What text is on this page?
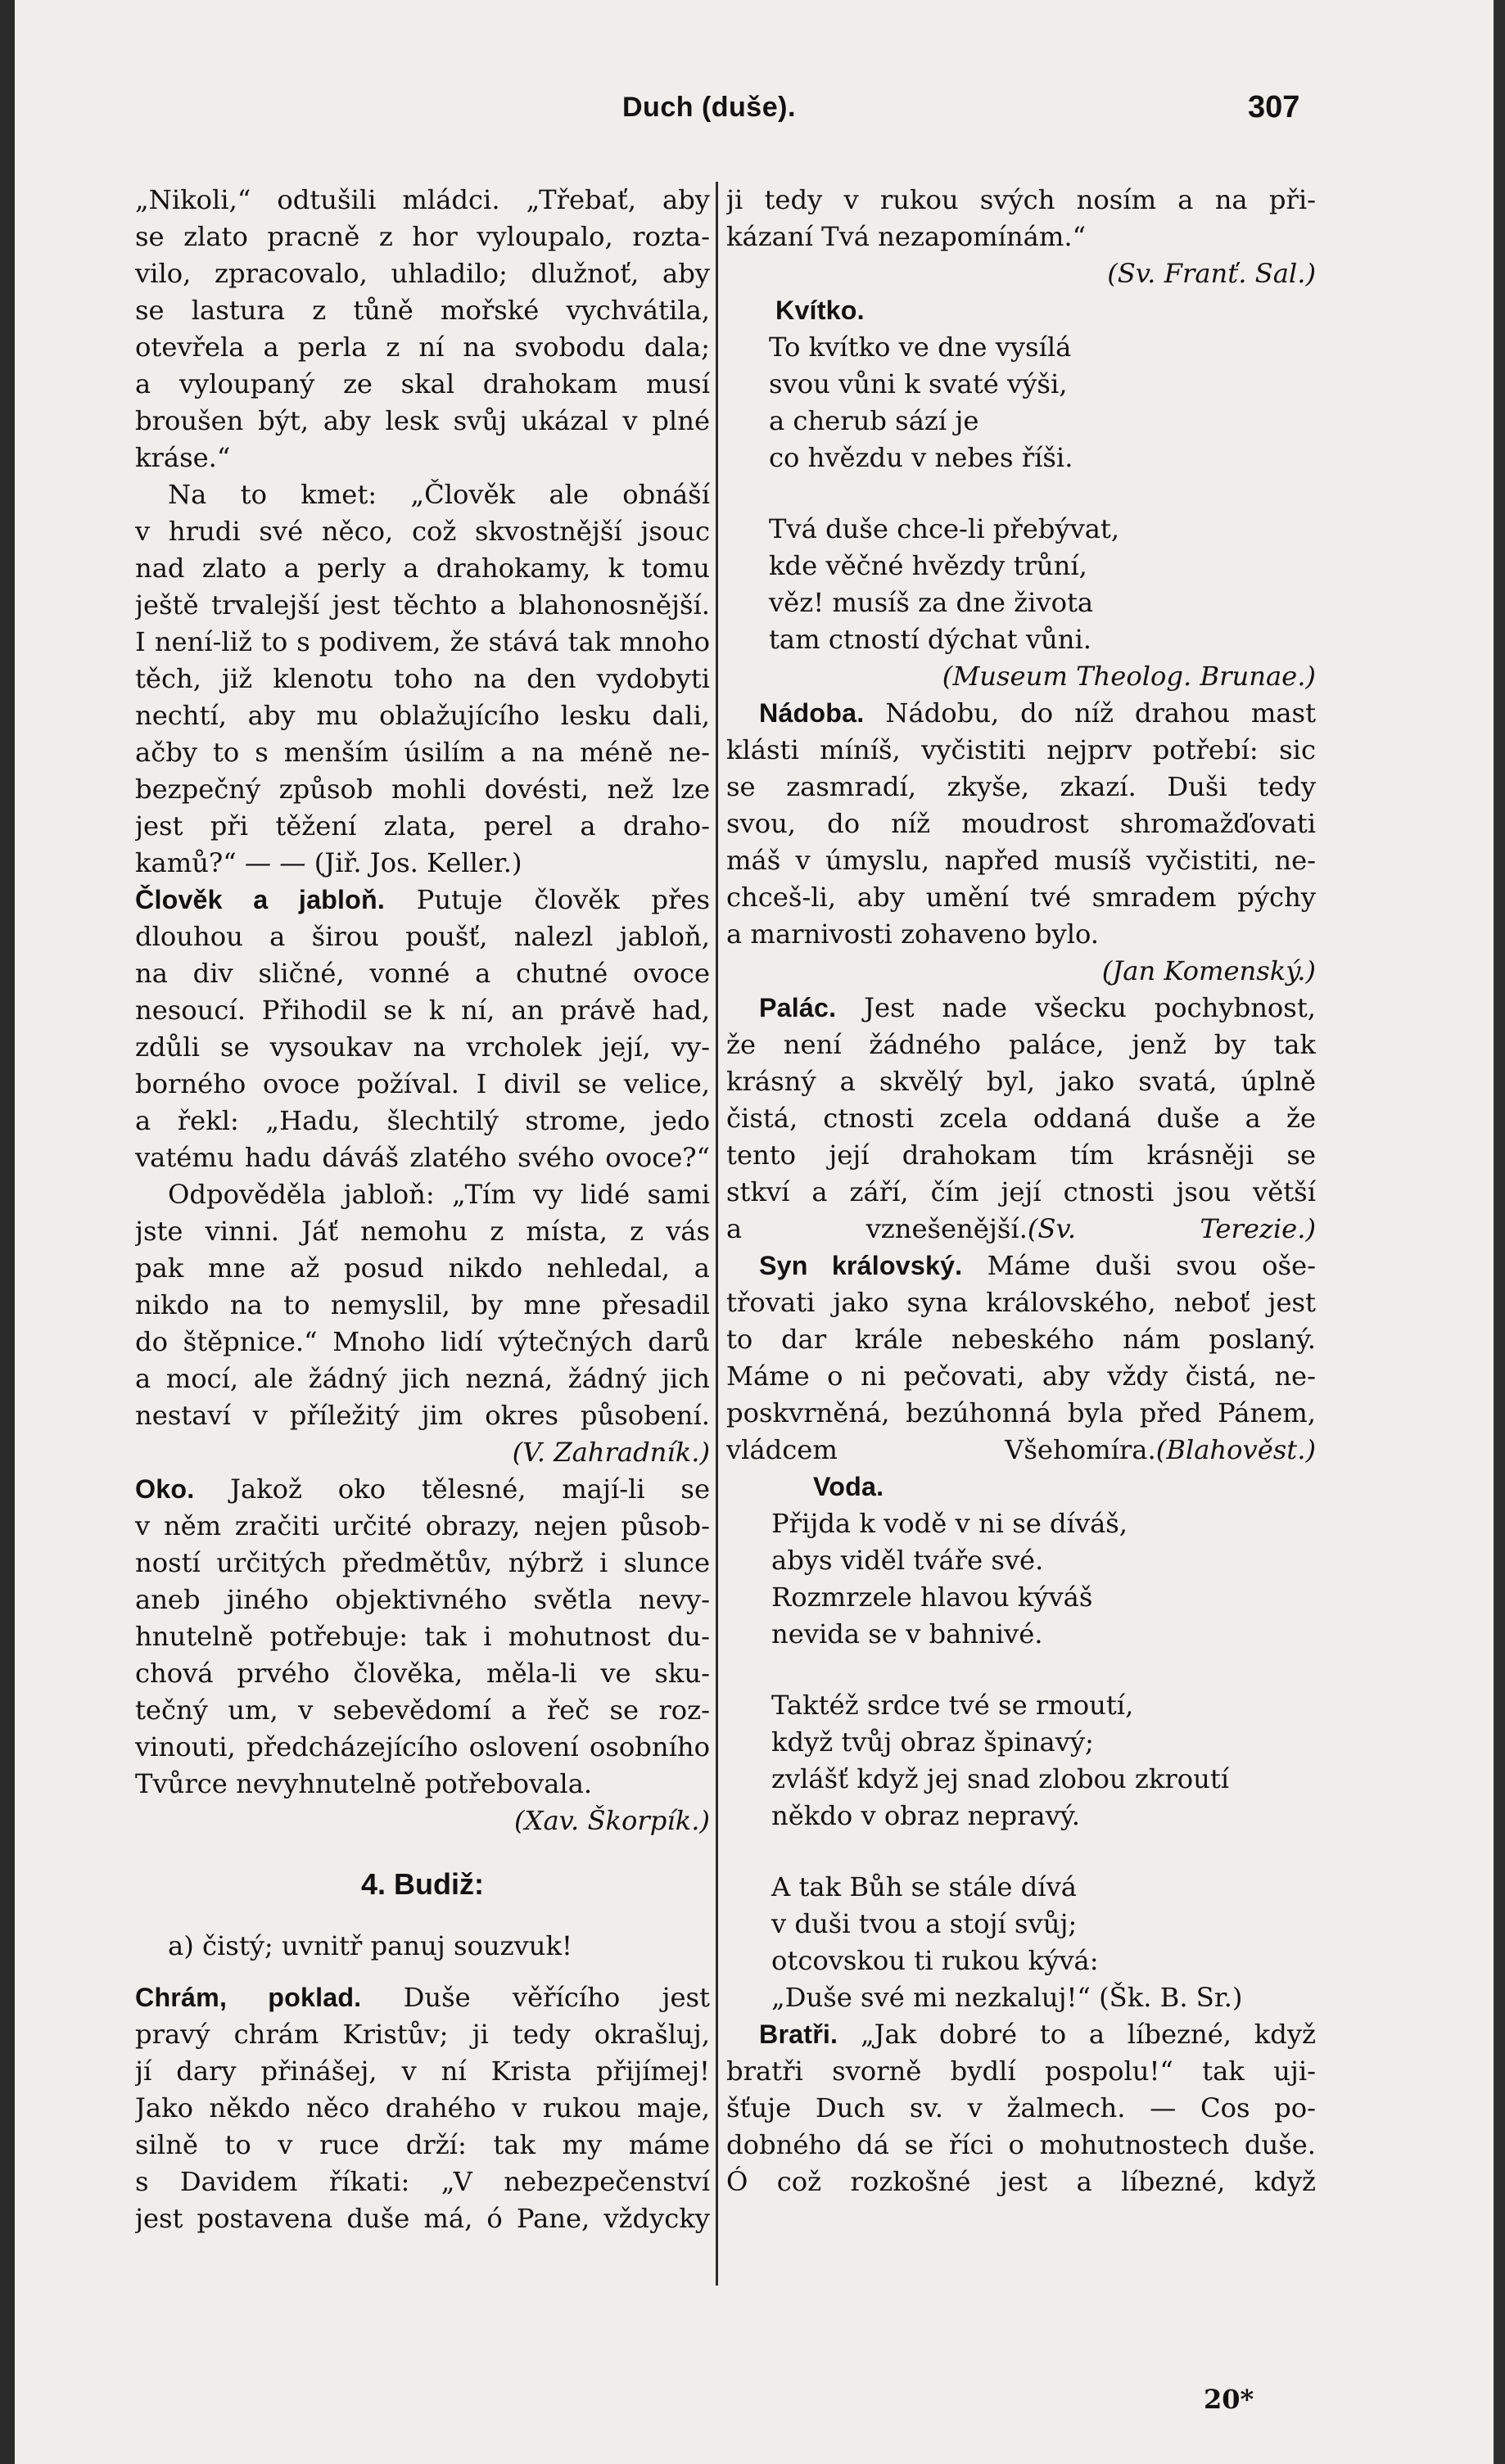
Duch (duše).	307
„Nikoli,“ odtušili mládci. „Třebať, aby
se zlato pracně z hor vyloupalo, rozta-
vilo, zpracovalo, uhladilo; dlužnoť, aby
se lastura z tůně mořské vychvátila,
otevřela a perla z ní na svobodu dala;
a vyloupaný ze skal drahokam musí
broušen být, aby lesk svůj ukázal v plné
kráse.“
Na to kmet: „Člověk ale obnáší
v hrudi své něco, což skvostnější jsouc
nad zlato a perly a drahokamy, k tomu
ještě trvalejší jest těchto a blahonosnější.
I není-liž to s podivem, že stává tak mnoho
těch, již klenotu toho na den vydobyti
nechtí, aby mu oblažujícího lesku dali,
ačby to s menším úsilím a na méně ne-
bezpečný způsob mohli dovésti, než lze
jest při těžení zlata, perel a draho-
kamů?“ — — (Jiř. Jos. Keller.)
Člověk a jabloň. Putuje člověk přes
dlouhou a širou poušť, nalezl jabloň,
na div sličné, vonné a chutné ovoce
nesoucí. Přihodil se k ní, an právě had,
zdůli se vysoukav na vrcholek její, vy-
borného ovoce požíval. I divil se velice,
a řekl: „Hadu, šlechtilý strome, jedo
vatému hadu dáváš zlatého svého ovoce?“
Odpověděla jabloň: „Tím vy lidé sami
jste vinni. Jáť nemohu z místa, z vás
pak mne až posud nikdo nehledal, a
nikdo na to nemyslil, by mne přesadil
do štěpnice.“ Mnoho lidí výtečných darů
a mocí, ale žádný jich nezná, žádný jich
nestaví v příležitý jim okres působení.
(V. Zahradník.)
Oko. Jakož oko tělesné, mají-li se
v něm zračiti určité obrazy, nejen působ-
ností určitých předmětův, nýbrž i slunce
aneb jiného objektivného světla nevy-
hnutelně potřebuje: tak i mohutnost du-
chová prvého člověka, měla-li ve sku-
tečný um, v sebevědomí a řeč se roz-
vinouti, předcházejícího oslovení osobního
Tvůrce nevyhnutelně potřebovala.
(Xav. Škorpík.)
4. Budiž:
a) čistý; uvnitř panuj souzvuk!
Chrám, poklad. Duše věřícího jest
pravý chrám Kristův; ji tedy okrašluj,
jí dary přinášej, v ní Krista přijímej!
Jako někdo něco drahého v rukou maje,
silně to v ruce drží: tak my máme
s Davidem říkati: „V nebezpečenství
jest postavena duše má, ó Pane, vždycky
ji tedy v rukou svých nosím a na při-
kázaní Tvá nezapomínám.“
(Sv. Franť. Sal.)
Kvítko.
To kvítko ve dne vysílá
svou vůni k svaté výši,
a cherub sází je
co hvězdu v nebes říši.
Tvá duše chce-li přebývat,
kde věčné hvězdy trůní,
věz! musíš za dne života
tam ctností dýchat vůni.
(Museum Theolog. Brunae.)
Nádoba. Nádobu, do níž drahou mast
klásti míníš, vyčistiti nejprv potřebí: sic
se zasmradí, zkyše, zkazí. Duši tedy
svou, do níž moudrost shromažďovati
máš v úmyslu, napřed musíš vyčistiti, ne-
chceš-li, aby umění tvé smradem pýchy
a marnivosti zohaveno bylo.
(Jan Komenský.)
Palác. Jest nade všecku pochybnost,
že není žádného paláce, jenž by tak
krásný a skvělý byl, jako svatá, úplně
čistá, ctnosti zcela oddaná duše a že
tento její drahokam tím krásněji se
stkví a září, čím její ctnosti jsou větší
a vznešenější.(Sv. Terezie.)
Syn královský. Máme duši svou oše-
třovati jako syna královského, neboť jest
to dar krále nebeského nám poslaný.
Máme o ni pečovati, aby vždy čistá, ne-
poskvrněná, bezúhonná byla před Pánem,
vládcem Všehomíra.(Blahověst.)
Voda.
Přijda k vodě v ni se díváš,
abys viděl tváře své.
Rozmrzele hlavou kýváš
nevida se v bahnivé.
Taktéž srdce tvé se rmoutí,
když tvůj obraz špinavý;
zvlášť když jej snad zlobou zkroutí
někdo v obraz nepravý.
A tak Bůh se stále dívá
v duši tvou a stojí svůj;
otcovskou ti rukou kývá:
„Duše své mi nezkaluj!“ (Šk. B. Sr.)
Bratři. „Jak dobré to a líbezné, když
bratři svorně bydlí pospolu!“ tak uji-
šťuje Duch sv. v žalmech. — Cos po-
dobného dá se říci o mohutnostech duše.
Ó což rozkošné jest a líbezné, když
20*
